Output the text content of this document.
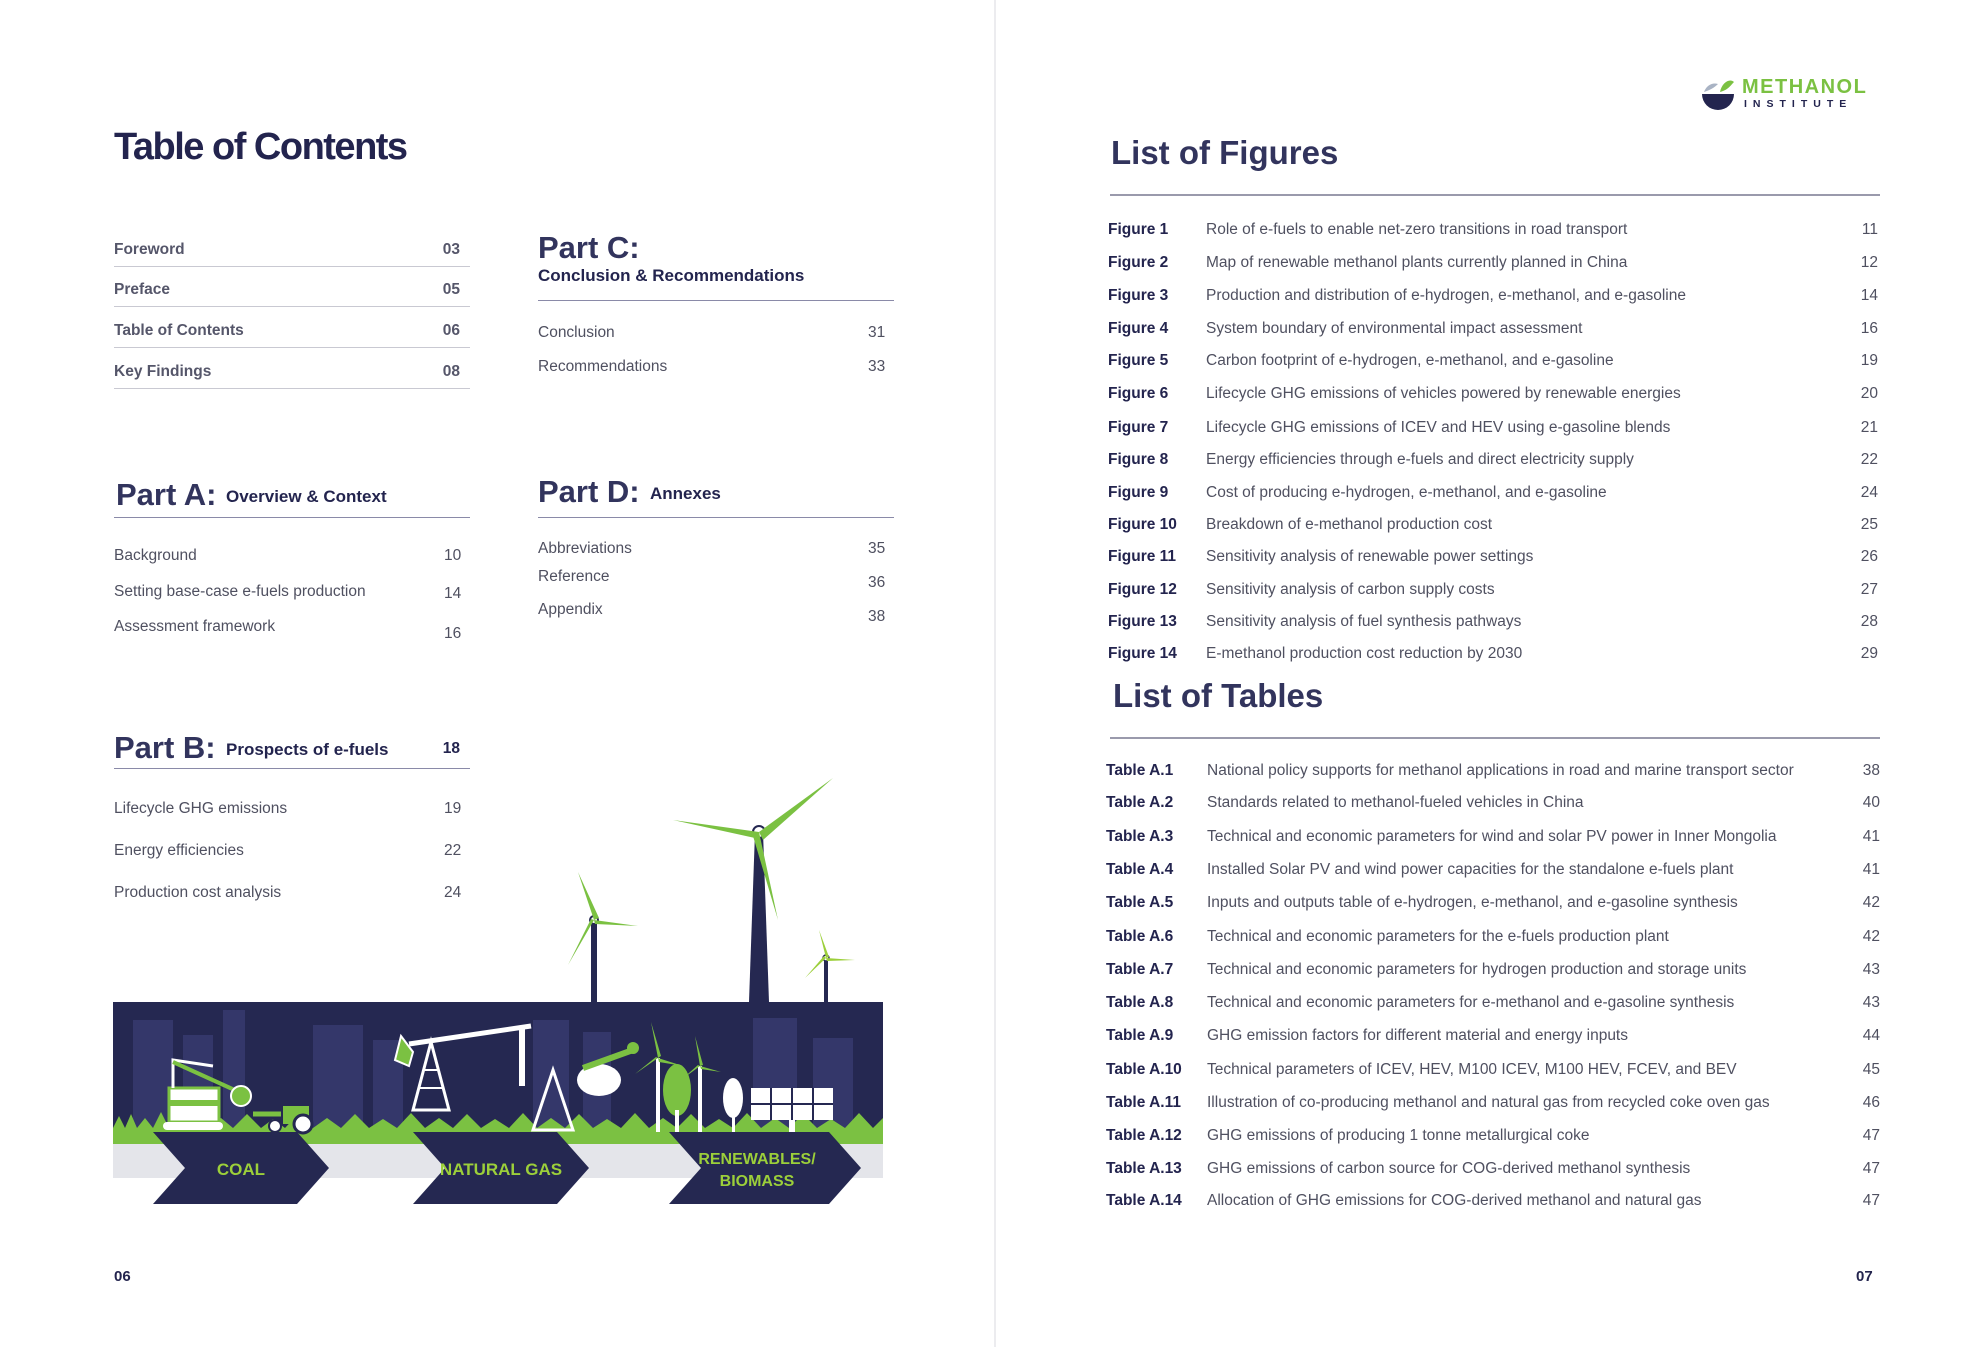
Table of Contents
Foreword	03
Preface	05
Table of Contents	06
Key Findings	08
Part A: Overview & Context
Background	10
Setting base-case e-fuels production	14
Assessment framework	16
Part B: Prospects of e-fuels	18
Lifecycle GHG emissions	19
Energy efficiencies	22
Production cost analysis	24
Part C:
Conclusion & Recommendations
Conclusion	31
Recommendations	33
Part D: Annexes
Abbreviations	35
Reference	36
Appendix	38
COAL	NATURAL GAS
RENEWABLES/
BIOMASS
06
METHANOL
INSTITUTE
List of Figures
Figure 1 Role of e-fuels to enable net-zero transitions in road transport	11
Figure 2 Map of renewable methanol plants currently planned in China	12
Figure 3 Production and distribution of e-hydrogen, e-methanol, and e-gasoline	14
Figure 4 System boundary of environmental impact assessment	16
Figure 5 Carbon footprint of e-hydrogen, e-methanol, and e-gasoline	19
Figure 6 Lifecycle GHG emissions of vehicles powered by renewable energies	20
Figure 7 Lifecycle GHG emissions of ICEV and HEV using e-gasoline blends	21
Figure 8 Energy efficiencies through e-fuels and direct electricity supply	22
Figure 9 Cost of producing e-hydrogen, e-methanol, and e-gasoline	24
Figure 10 Breakdown of e-methanol production cost	25
Figure 11 Sensitivity analysis of renewable power settings	26
Figure 12 Sensitivity analysis of carbon supply costs	27
Figure 13 Sensitivity analysis of fuel synthesis pathways	28
Figure 14 E-methanol production cost reduction by 2030	29
List of Tables
Table A.1 National policy supports for methanol applications in road and marine transport sector	38
Table A.2 Standards related to methanol-fueled vehicles in China	40
Table A.3 Technical and economic parameters for wind and solar PV power in Inner Mongolia	41
Table A.4 Installed Solar PV and wind power capacities for the standalone e-fuels plant	41
Table A.5 Inputs and outputs table of e-hydrogen, e-methanol, and e-gasoline synthesis	42
Table A.6 Technical and economic parameters for the e-fuels production plant	42
Table A.7 Technical and economic parameters for hydrogen production and storage units	43
Table A.8 Technical and economic parameters for e-methanol and e-gasoline synthesis	43
Table A.9 GHG emission factors for different material and energy inputs	44
Table A.10 Technical parameters of ICEV, HEV, M100 ICEV, M100 HEV, FCEV, and BEV	45
Table A.11 Illustration of co-producing methanol and natural gas from recycled coke oven gas	46
Table A.12 GHG emissions of producing 1 tonne metallurgical coke	47
Table A.13 GHG emissions of carbon source for COG-derived methanol synthesis	47
Table A.14 Allocation of GHG emissions for COG-derived methanol and natural gas	47
07
